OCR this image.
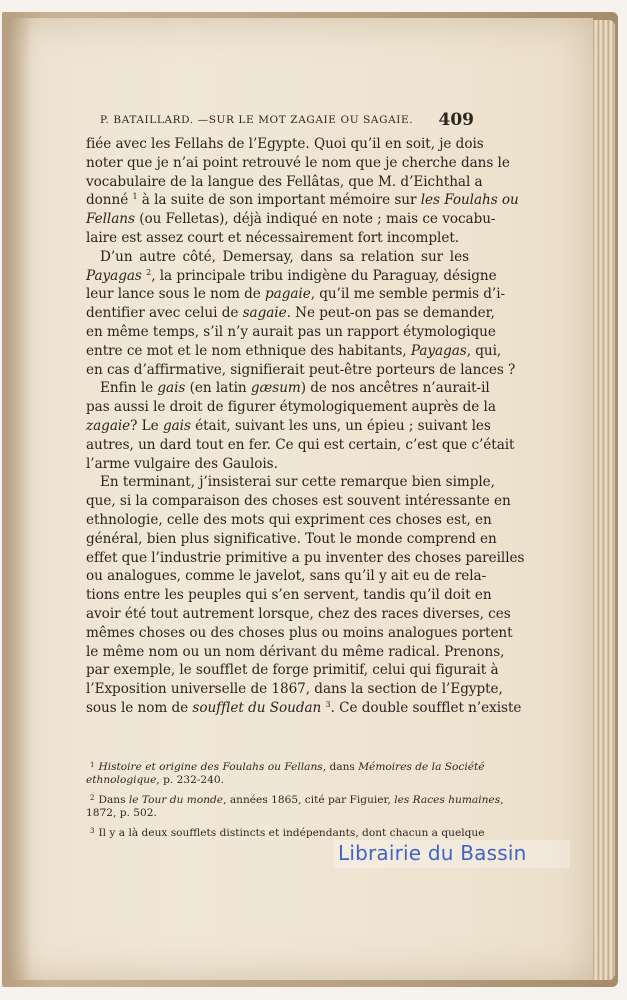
P. BATAILLARD. —SUR LE MOT ZAGAIE OU SAGAIE. 409
fiée avec les Fellahs de l’Egypte. Quoi qu’il en soit, je dois
noter que je n’ai point retrouvé le nom que je cherche dans le
vocabulaire de la langue des Fellâtas, que M. d’Eichthal a
donné $^1$ à la suite de son important mémoire sur les Foulahs ou
Fellans (ou Felletas), déjà indiqué en note ; mais ce vocabu-
laire est assez court et nécessairement fort incomplet.
D’un autre côté, Demersay, dans sa relation sur les
Payagas $^2$, la principale tribu indigène du Paraguay, désigne
leur lance sous le nom de pagaie, qu’il me semble permis d’i-
dentifier avec celui de sagaie. Ne peut-on pas se demander,
en même temps, s’il n’y aurait pas un rapport étymologique
entre ce mot et le nom ethnique des habitants, Payagas, qui,
en cas d’affirmative, signifierait peut-être porteurs de lances ?
Enfin le gais (en latin gæsum) de nos ancêtres n’aurait-il
pas aussi le droit de figurer étymologiquement auprès de la
zagaie? Le gais était, suivant les uns, un épieu ; suivant les
autres, un dard tout en fer. Ce qui est certain, c’est que c’était
l’arme vulgaire des Gaulois.
En terminant, j’insisterai sur cette remarque bien simple,
que, si la comparaison des choses est souvent intéressante en
ethnologie, celle des mots qui expriment ces choses est, en
général, bien plus significative. Tout le monde comprend en
effet que l’industrie primitive a pu inventer des choses pareilles
ou analogues, comme le javelot, sans qu’il y ait eu de rela-
tions entre les peuples qui s’en servent, tandis qu’il doit en
avoir été tout autrement lorsque, chez des races diverses, ces
mêmes choses ou des choses plus ou moins analogues portent
le même nom ou un nom dérivant du même radical. Prenons,
par exemple, le soufflet de forge primitif, celui qui figurait à
l’Exposition universelle de 1867, dans la section de l’Egypte,
sous le nom de soufflet du Soudan $^3$. Ce double soufflet n’existe
$^1$ Histoire et origine des Foulahs ou Fellans, dans Mémoires de la Société
ethnologique, p. 232-240.
$^2$ Dans le Tour du monde, années 1865, cité par Figuier, les Races humaines,
1872, p. 502.
$^3$ Il y a là deux soufflets distincts et indépendants, dont chacun a quelque
Librairie du Bassin
